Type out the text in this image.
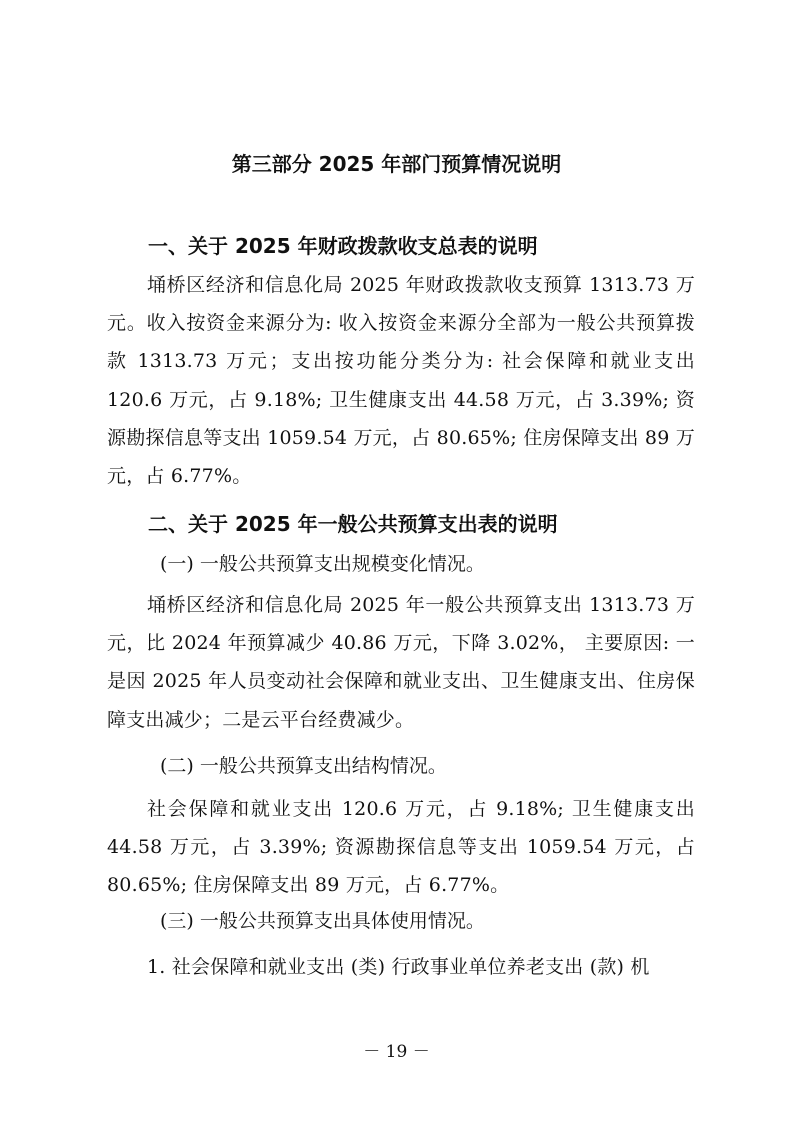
第三部分 2025 年部门预算情况说明
一、关于 2025 年财政拨款收支总表的说明
埇桥区经济和信息化局 2025 年财政拨款收支预算 1313.73 万元。收入按资金来源分为: 收入按资金来源分全部为一般公共预算拨款 1313.73 万元；支出按功能分类分为: 社会保障和就业支出 120.6 万元，占 9.18%; 卫生健康支出 44.58 万元，占 3.39%; 资源勘探信息等支出 1059.54 万元，占 80.65%; 住房保障支出 89 万元，占 6.77%。
二、关于 2025 年一般公共预算支出表的说明
(一) 一般公共预算支出规模变化情况。
埇桥区经济和信息化局 2025 年一般公共预算支出 1313.73 万元，比 2024 年预算减少 40.86 万元，下降 3.02%， 主要原因: 一是因 2025 年人员变动社会保障和就业支出、卫生健康支出、住房保障支出减少；二是云平台经费减少。
(二) 一般公共预算支出结构情况。
社会保障和就业支出 120.6 万元，占 9.18%; 卫生健康支出 44.58 万元，占 3.39%; 资源勘探信息等支出 1059.54 万元，占 80.65%; 住房保障支出 89 万元，占 6.77%。
(三) 一般公共预算支出具体使用情况。
1. 社会保障和就业支出 (类) 行政事业单位养老支出 (款) 机
－ 19 －
